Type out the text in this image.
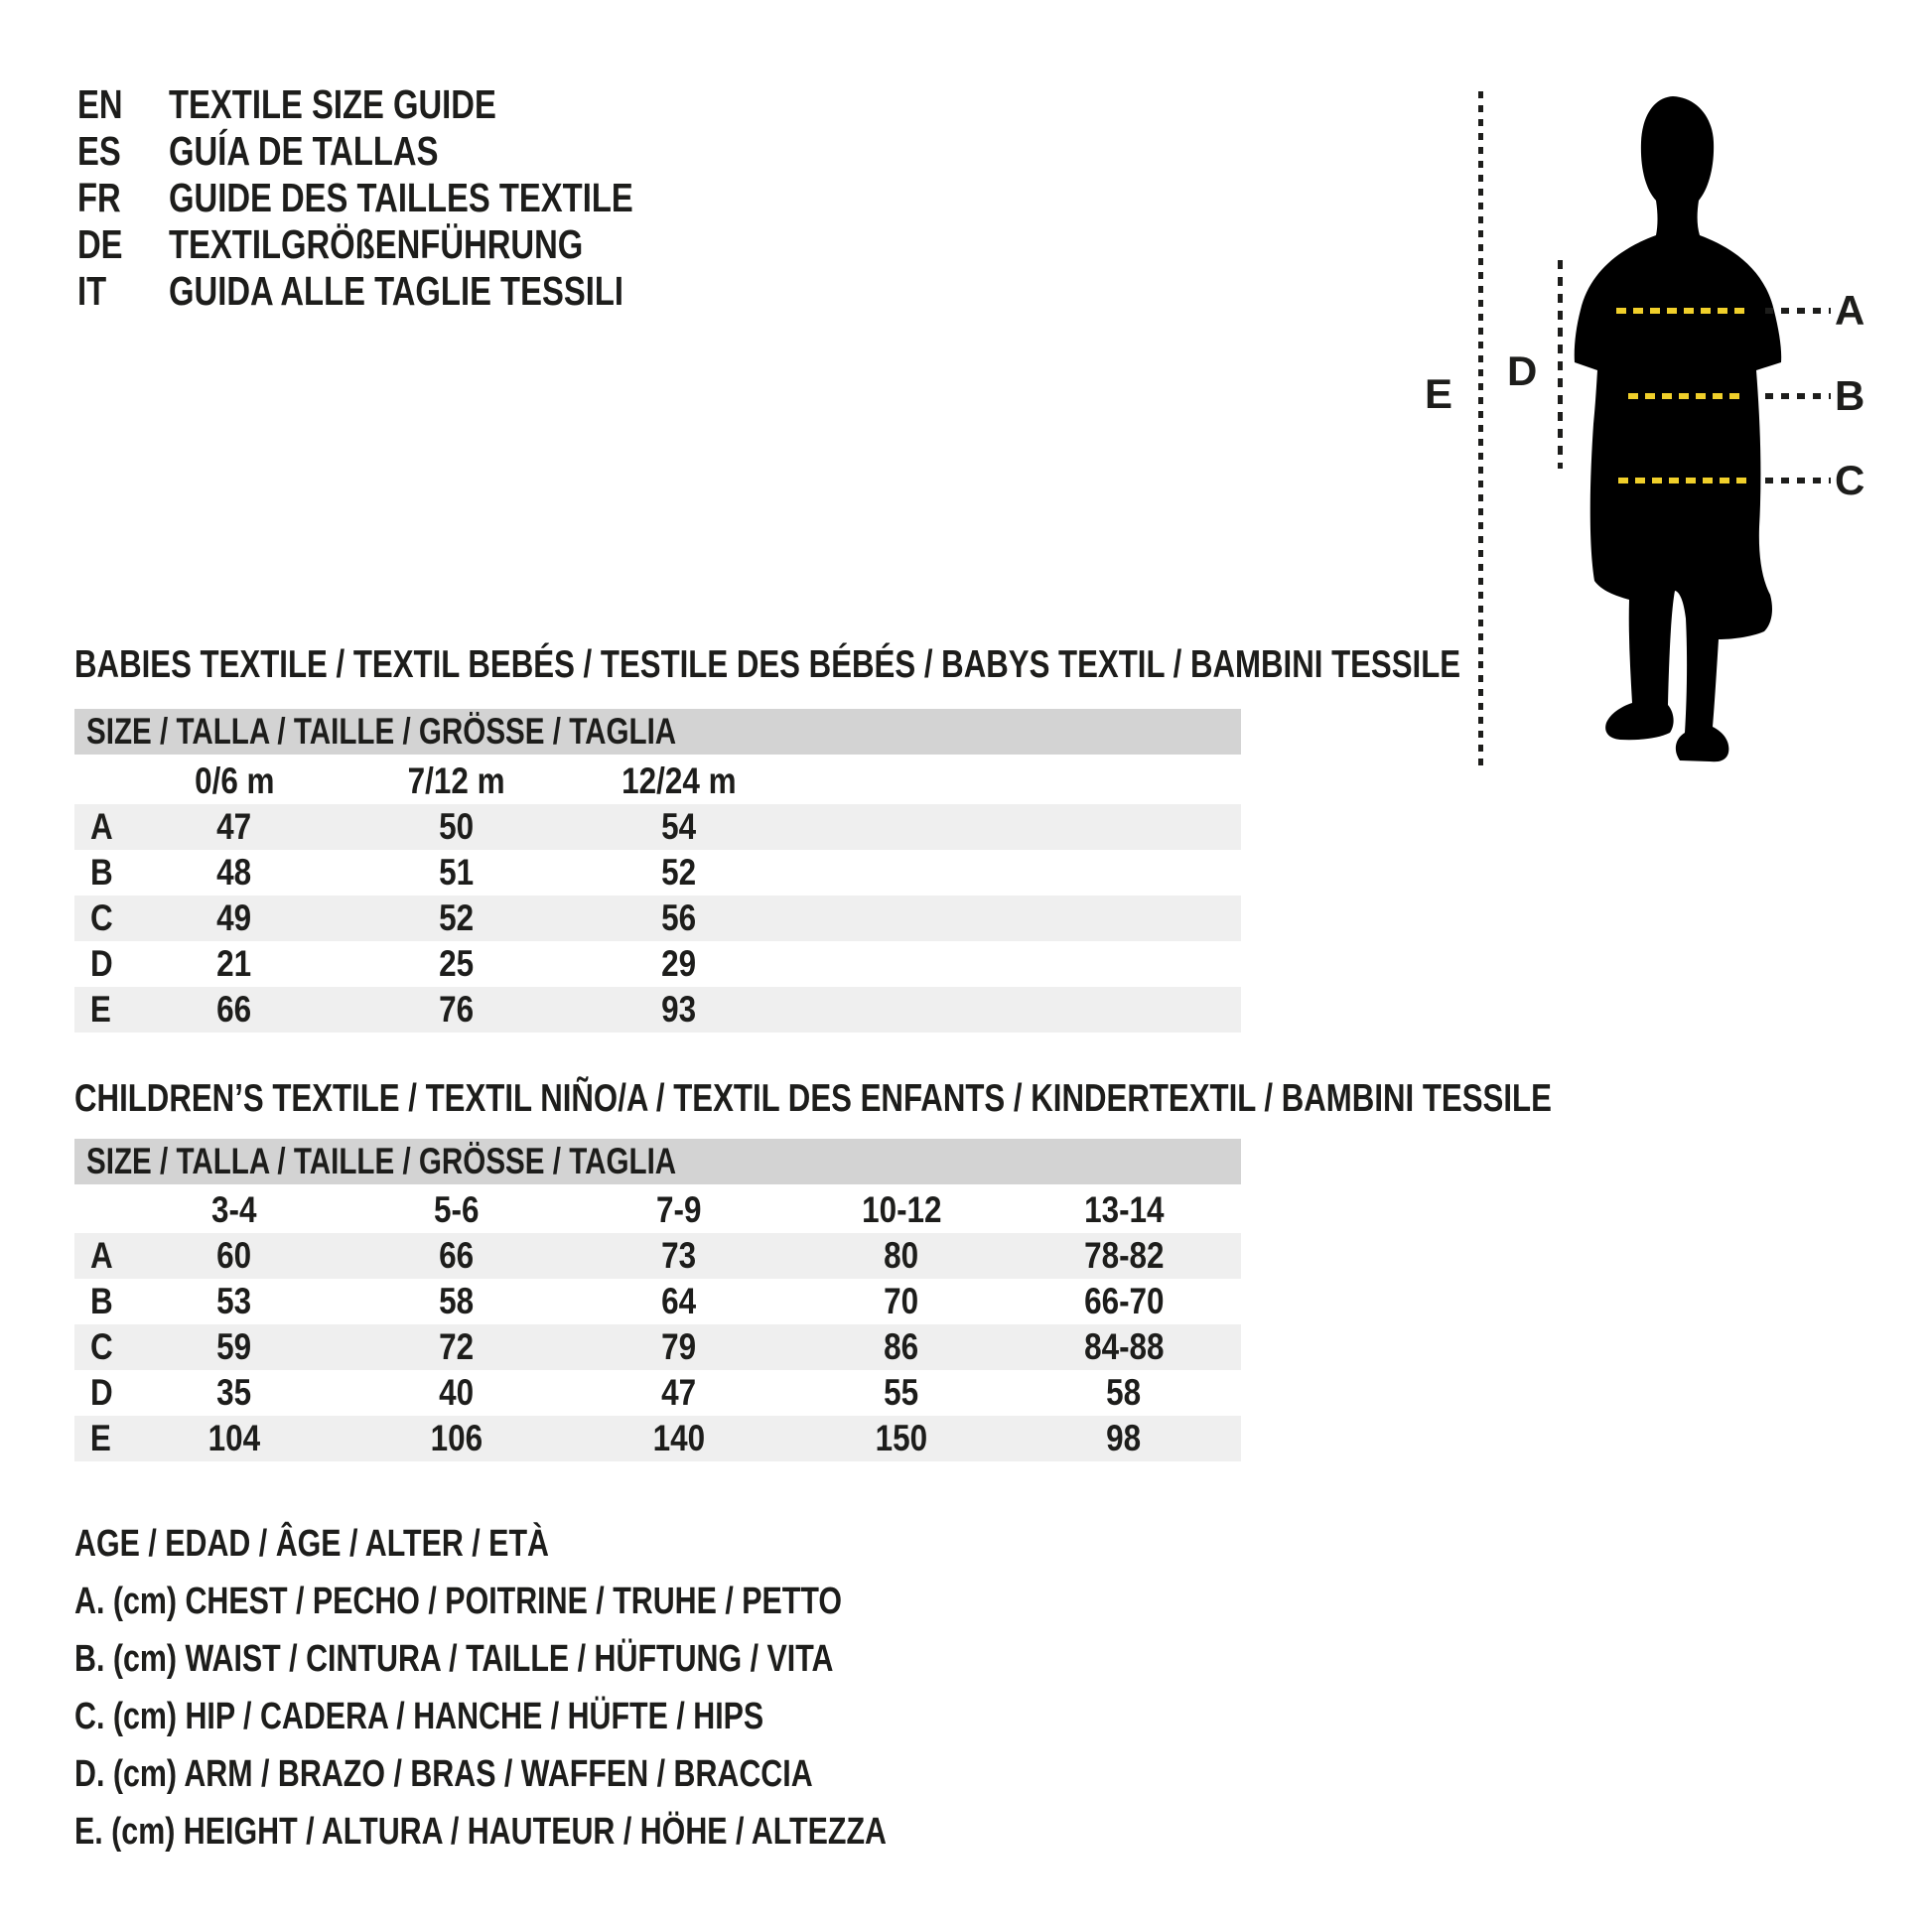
EN	TEXTILE SIZE GUIDE
ES	GUÍA DE TALLAS
FR	GUIDE DES TAILLES TEXTILE
DE	TEXTILGRÖßENFÜHRUNG
IT	GUIDA ALLE TAGLIE TESSILI	A
B
C
D
E
BABIES TEXTILE / TEXTIL BEBÉS / TESTILE DES BÉBÉS / BABYS TEXTIL / BAMBINI TESSILE
SIZE / TALLA / TAILLE / GRÖSSE / TAGLIA
0/6 m	7/12 m	12/24 m
A	47	50	54
B	48	51	52
C	49	52	56
D	21	25	29
E	66	76	93
CHILDREN’S TEXTILE / TEXTIL NIÑO/A / TEXTIL DES ENFANTS / KINDERTEXTIL / BAMBINI TESSILE
SIZE / TALLA / TAILLE / GRÖSSE / TAGLIA
3-4	5-6	7-9	10-12	13-14
A	60	66	73	80	78-82
B	53	58	64	70	66-70
C	59	72	79	86	84-88
D	35	40	47	55	58
E	104	106	140	150	98
AGE / EDAD / ÂGE / ALTER / ETÀ
A. (cm) CHEST / PECHO / POITRINE / TRUHE / PETTO
B. (cm) WAIST / CINTURA / TAILLE / HÜFTUNG / VITA
C. (cm) HIP / CADERA / HANCHE / HÜFTE / HIPS
D. (cm) ARM / BRAZO / BRAS / WAFFEN / BRACCIA
E. (cm) HEIGHT / ALTURA / HAUTEUR / HÖHE / ALTEZZA
